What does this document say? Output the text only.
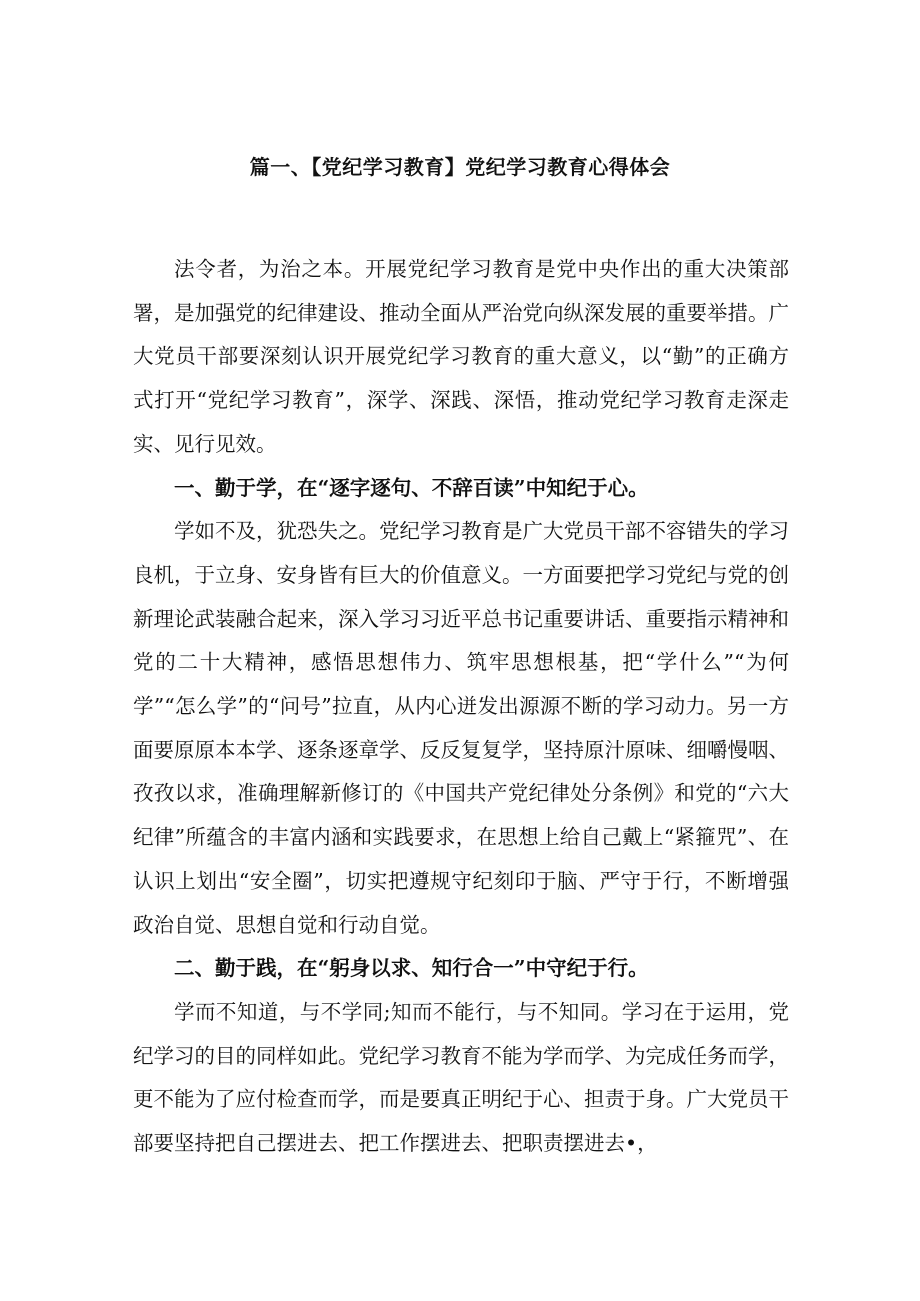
篇一、【党纪学习教育】党纪学习教育心得体会

法令者，为治之本。开展党纪学习教育是党中央作出的重大决策部署，是加强党的纪律建设、推动全面从严治党向纵深发展的重要举措。广大党员干部要深刻认识开展党纪学习教育的重大意义，以“勤”的正确方式打开“党纪学习教育”，深学、深践、深悟，推动党纪学习教育走深走实、见行见效。

一、勤于学，在“逐字逐句、不辞百读”中知纪于心。

学如不及，犹恐失之。党纪学习教育是广大党员干部不容错失的学习良机，于立身、安身皆有巨大的价值意义。一方面要把学习党纪与党的创新理论武装融合起来，深入学习习近平总书记重要讲话、重要指示精神和党的二十大精神，感悟思想伟力、筑牢思想根基，把“学什么”“为何学”“怎么学”的“问号”拉直，从内心迸发出源源不断的学习动力。另一方面要原原本本学、逐条逐章学、反反复复学，坚持原汁原味、细嚼慢咽、孜孜以求，准确理解新修订的《中国共产党纪律处分条例》和党的“六大纪律”所蕴含的丰富内涵和实践要求，在思想上给自己戴上“紧箍咒”、在认识上划出“安全圈”，切实把遵规守纪刻印于脑、严守于行，不断增强政治自觉、思想自觉和行动自觉。

二、勤于践，在“躬身以求、知行合一”中守纪于行。

学而不知道，与不学同;知而不能行，与不知同。学习在于运用，党纪学习的目的同样如此。党纪学习教育不能为学而学、为完成任务而学，更不能为了应付检查而学，而是要真正明纪于心、担责于身。广大党员干部要坚持把自己摆进去、把工作摆进去、把职责摆进去•，
